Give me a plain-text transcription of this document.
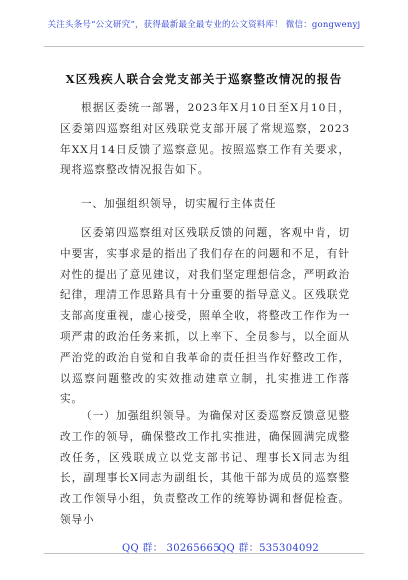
关注头条号“公文研究”，获得最新最全最专业的公文资料库！ 微信：gongwenyj
X区残疾人联合会党支部关于巡察整改情况的报告
根据区委统一部署，2023年X月10日至X月10日，区委第四巡察组对区残联党支部开展了常规巡察，2023年XX月14日反馈了巡察意见。按照巡察工作有关要求，现将巡察整改情况报告如下。
一、加强组织领导，切实履行主体责任
区委第四巡察组对区残联反馈的问题，客观中肯，切中要害，实事求是的指出了我们存在的问题和不足，有针对性的提出了意见建议，对我们坚定理想信念，严明政治纪律，理清工作思路具有十分重要的指导意义。区残联党支部高度重视，虚心接受，照单全收，将整改工作作为一项严肃的政治任务来抓，以上率下、全员参与，以全面从严治党的政治自觉和自我革命的责任担当作好整改工作，以巡察问题整改的实效推动建章立制，扎实推进工作落实。
（一）加强组织领导。为确保对区委巡察反馈意见整改工作的领导，确保整改工作扎实推进，确保圆满完成整改任务，区残联成立以党支部书记、理事长X同志为组长，副理事长X同志为副组长，其他干部为成员的巡察整改工作领导小组，负责整改工作的统筹协调和督促检查。领导小
QQ 群： 30265665
QQ 群：535304092
